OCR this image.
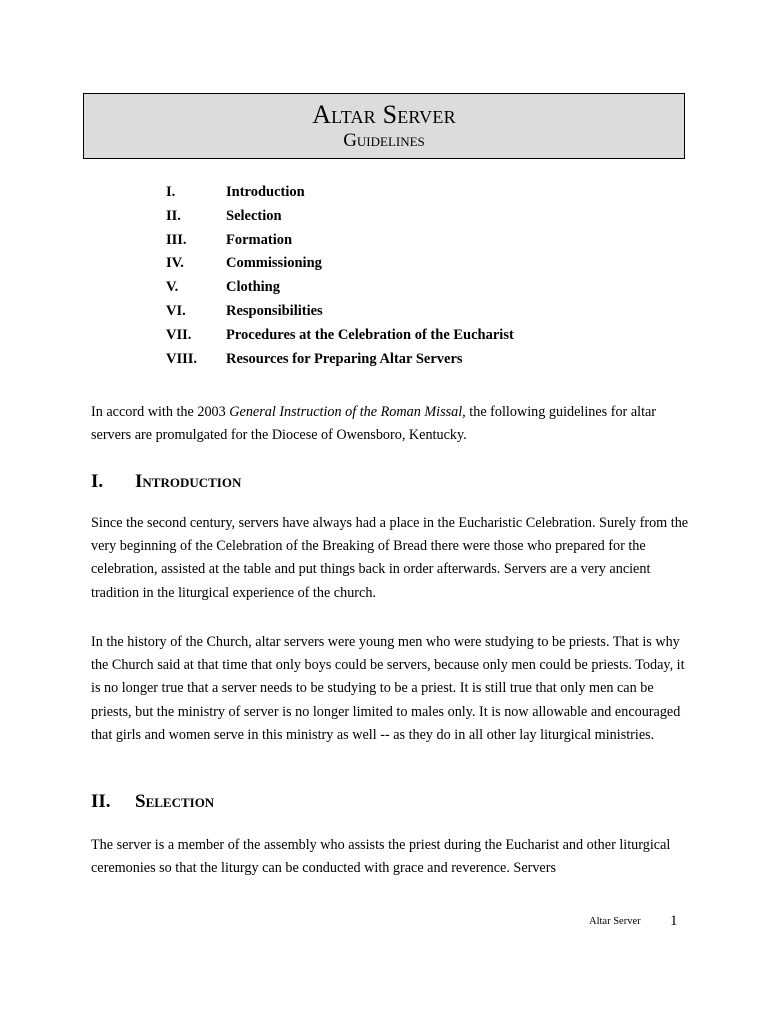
Altar Server
Guidelines
I.	Introduction
II.	Selection
III.	Formation
IV.	Commissioning
V.	Clothing
VI.	Responsibilities
VII. Procedures at the Celebration of the Eucharist
VIII. Resources for Preparing Altar Servers
In accord with the 2003 General Instruction of the Roman Missal, the following guidelines for altar servers are promulgated for the Diocese of Owensboro, Kentucky.
I. Introduction
Since the second century, servers have always had a place in the Eucharistic Celebration. Surely from the very beginning of the Celebration of the Breaking of Bread there were those who prepared for the celebration, assisted at the table and put things back in order afterwards. Servers are a very ancient tradition in the liturgical experience of the church.
In the history of the Church, altar servers were young men who were studying to be priests. That is why the Church said at that time that only boys could be servers, because only men could be priests. Today, it is no longer true that a server needs to be studying to be a priest. It is still true that only men can be priests, but the ministry of server is no longer limited to males only. It is now allowable and encouraged that girls and women serve in this ministry as well -- as they do in all other lay liturgical ministries.
II. Selection
The server is a member of the assembly who assists the priest during the Eucharist and other liturgical ceremonies so that the liturgy can be conducted with grace and reverence. Servers
Altar Server 1
